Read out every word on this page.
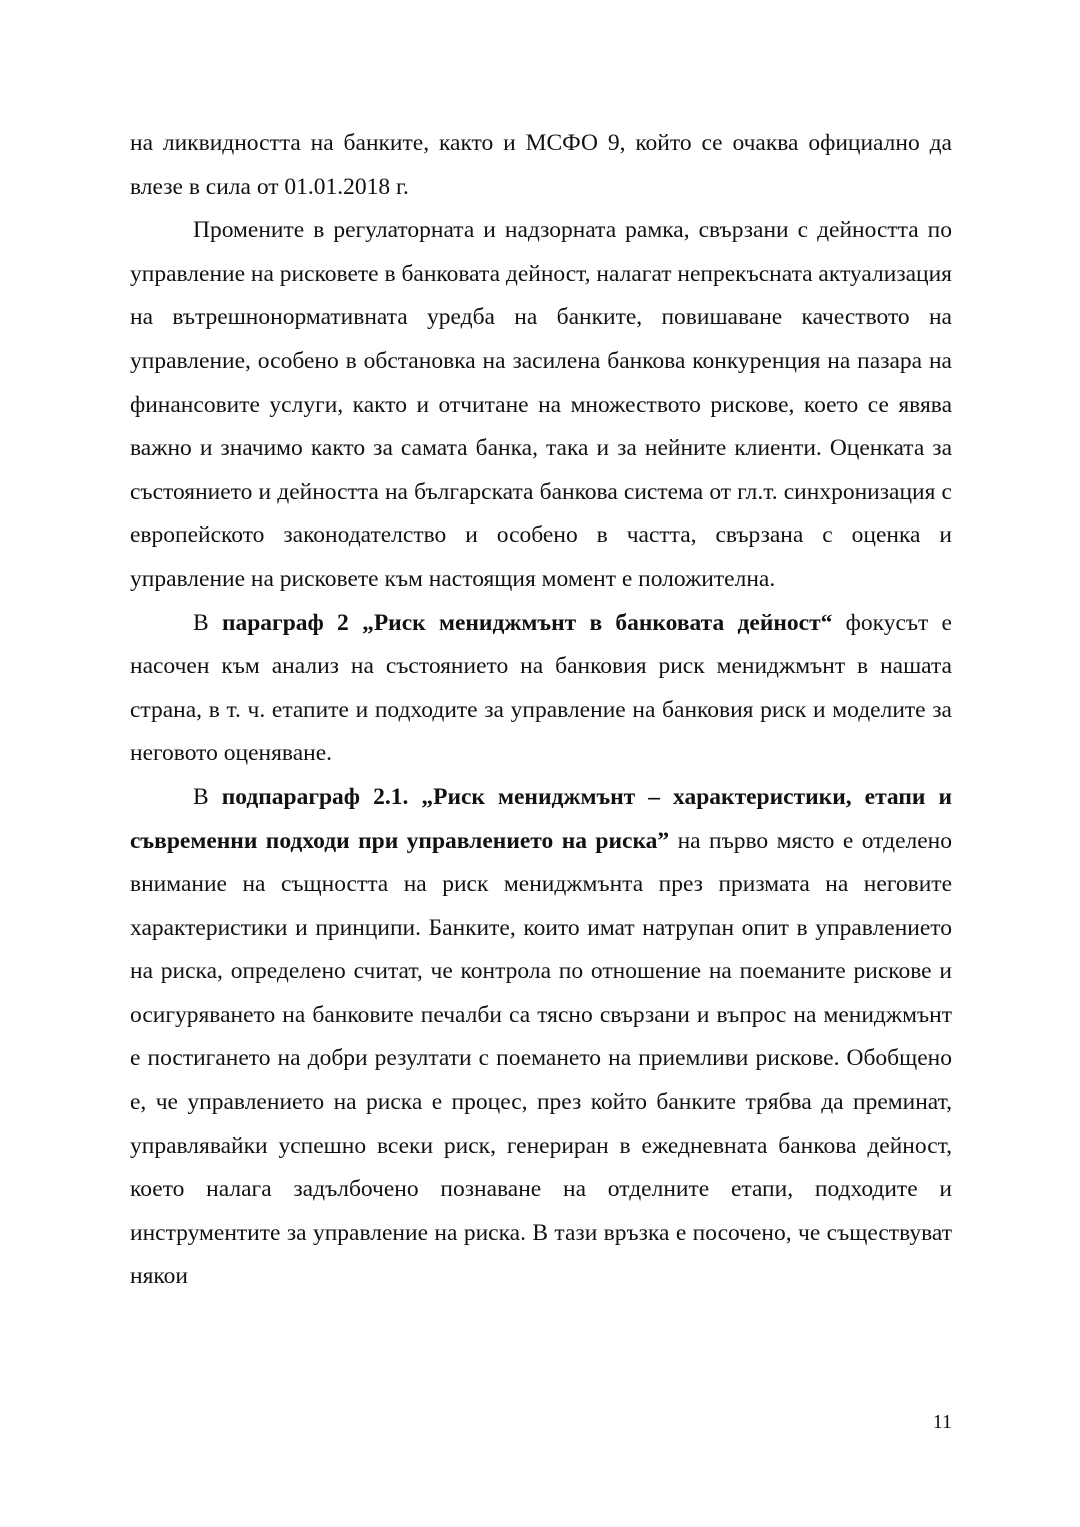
на ликвидността на банките, както и МСФО 9, който се очаква официално да влезе в сила от 01.01.2018 г.

Промените в регулаторната и надзорната рамка, свързани с дейността по управление на рисковете в банковата дейност, налагат непрекъсната актуализация на вътрешнонормативната уредба на банките, повишаване качеството на управление, особено в обстановка на засилена банкова конкуренция на пазара на финансовите услуги, както и отчитане на множеството рискове, което се явява важно и значимо както за самата банка, така и за нейните клиенти. Оценката за състоянието и дейността на българската банкова система от гл.т. синхронизация с европейското законодателство и особено в частта, свързана с оценка и управление на рисковете към настоящия момент е положителна.

В параграф 2 „Риск мениджмънт в банковата дейност“ фокусът е насочен към анализ на състоянието на банковия риск мениджмънт в нашата страна, в т. ч. етапите и подходите за управление на банковия риск и моделите за неговото оценяване.

В подпараграф 2.1. „Риск мениджмънт – характеристики, етапи и съвременни подходи при управлението на риска” на първо място е отделено внимание на същността на риск мениджмънта през призмата на неговите характеристики и принципи. Банките, които имат натрупан опит в управлението на риска, определено считат, че контрола по отношение на поеманите рискове и осигуряването на банковите печалби са тясно свързани и въпрос на мениджмънт е постигането на добри резултати с поемането на приемливи рискове. Обобщено е, че управлението на риска е процес, през който банките трябва да преминат, управлявайки успешно всеки риск, генериран в ежедневната банкова дейност, което налага задълбочено познаване на отделните етапи, подходите и инструментите за управление на риска. В тази връзка е посочено, че съществуват някои

11
